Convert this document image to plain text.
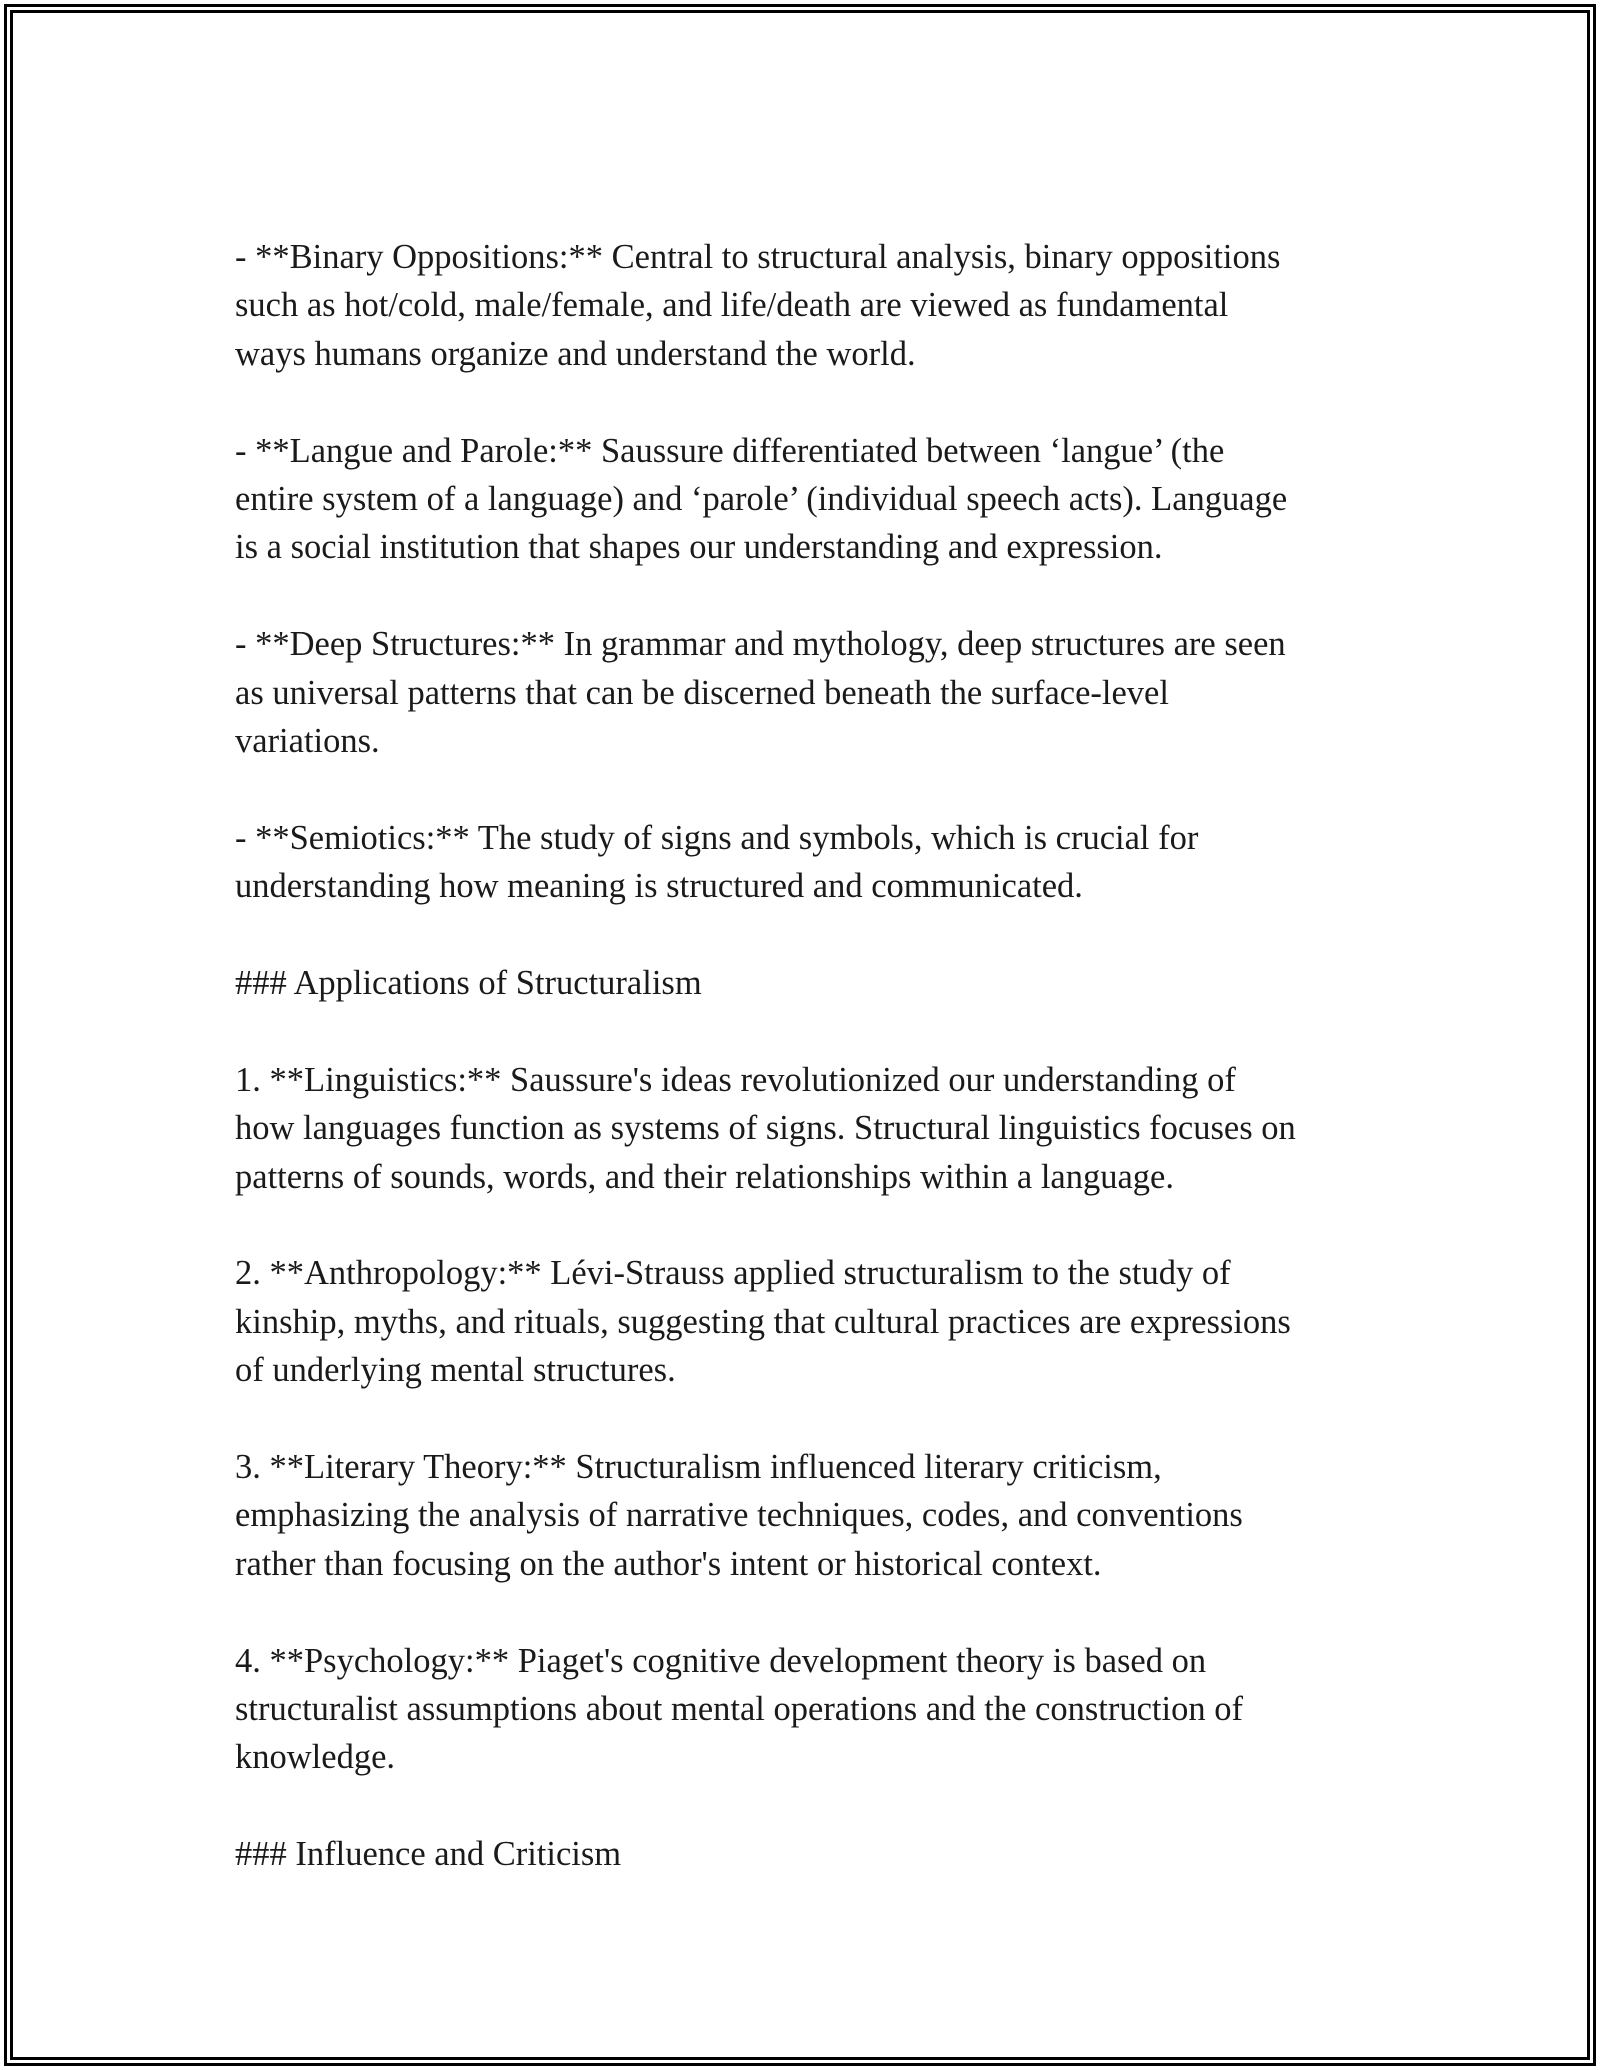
- **Binary Oppositions:** Central to structural analysis, binary oppositions
such as hot/cold, male/female, and life/death are viewed as fundamental
ways humans organize and understand the world.

- **Langue and Parole:** Saussure differentiated between ‘langue’ (the
entire system of a language) and ‘parole’ (individual speech acts). Language
is a social institution that shapes our understanding and expression.

- **Deep Structures:** In grammar and mythology, deep structures are seen
as universal patterns that can be discerned beneath the surface-level
variations.

- **Semiotics:** The study of signs and symbols, which is crucial for
understanding how meaning is structured and communicated.

### Applications of Structuralism

1. **Linguistics:** Saussure's ideas revolutionized our understanding of
how languages function as systems of signs. Structural linguistics focuses on
patterns of sounds, words, and their relationships within a language.

2. **Anthropology:** Lévi-Strauss applied structuralism to the study of
kinship, myths, and rituals, suggesting that cultural practices are expressions
of underlying mental structures.

3. **Literary Theory:** Structuralism influenced literary criticism,
emphasizing the analysis of narrative techniques, codes, and conventions
rather than focusing on the author's intent or historical context.

4. **Psychology:** Piaget's cognitive development theory is based on
structuralist assumptions about mental operations and the construction of
knowledge.

### Influence and Criticism
